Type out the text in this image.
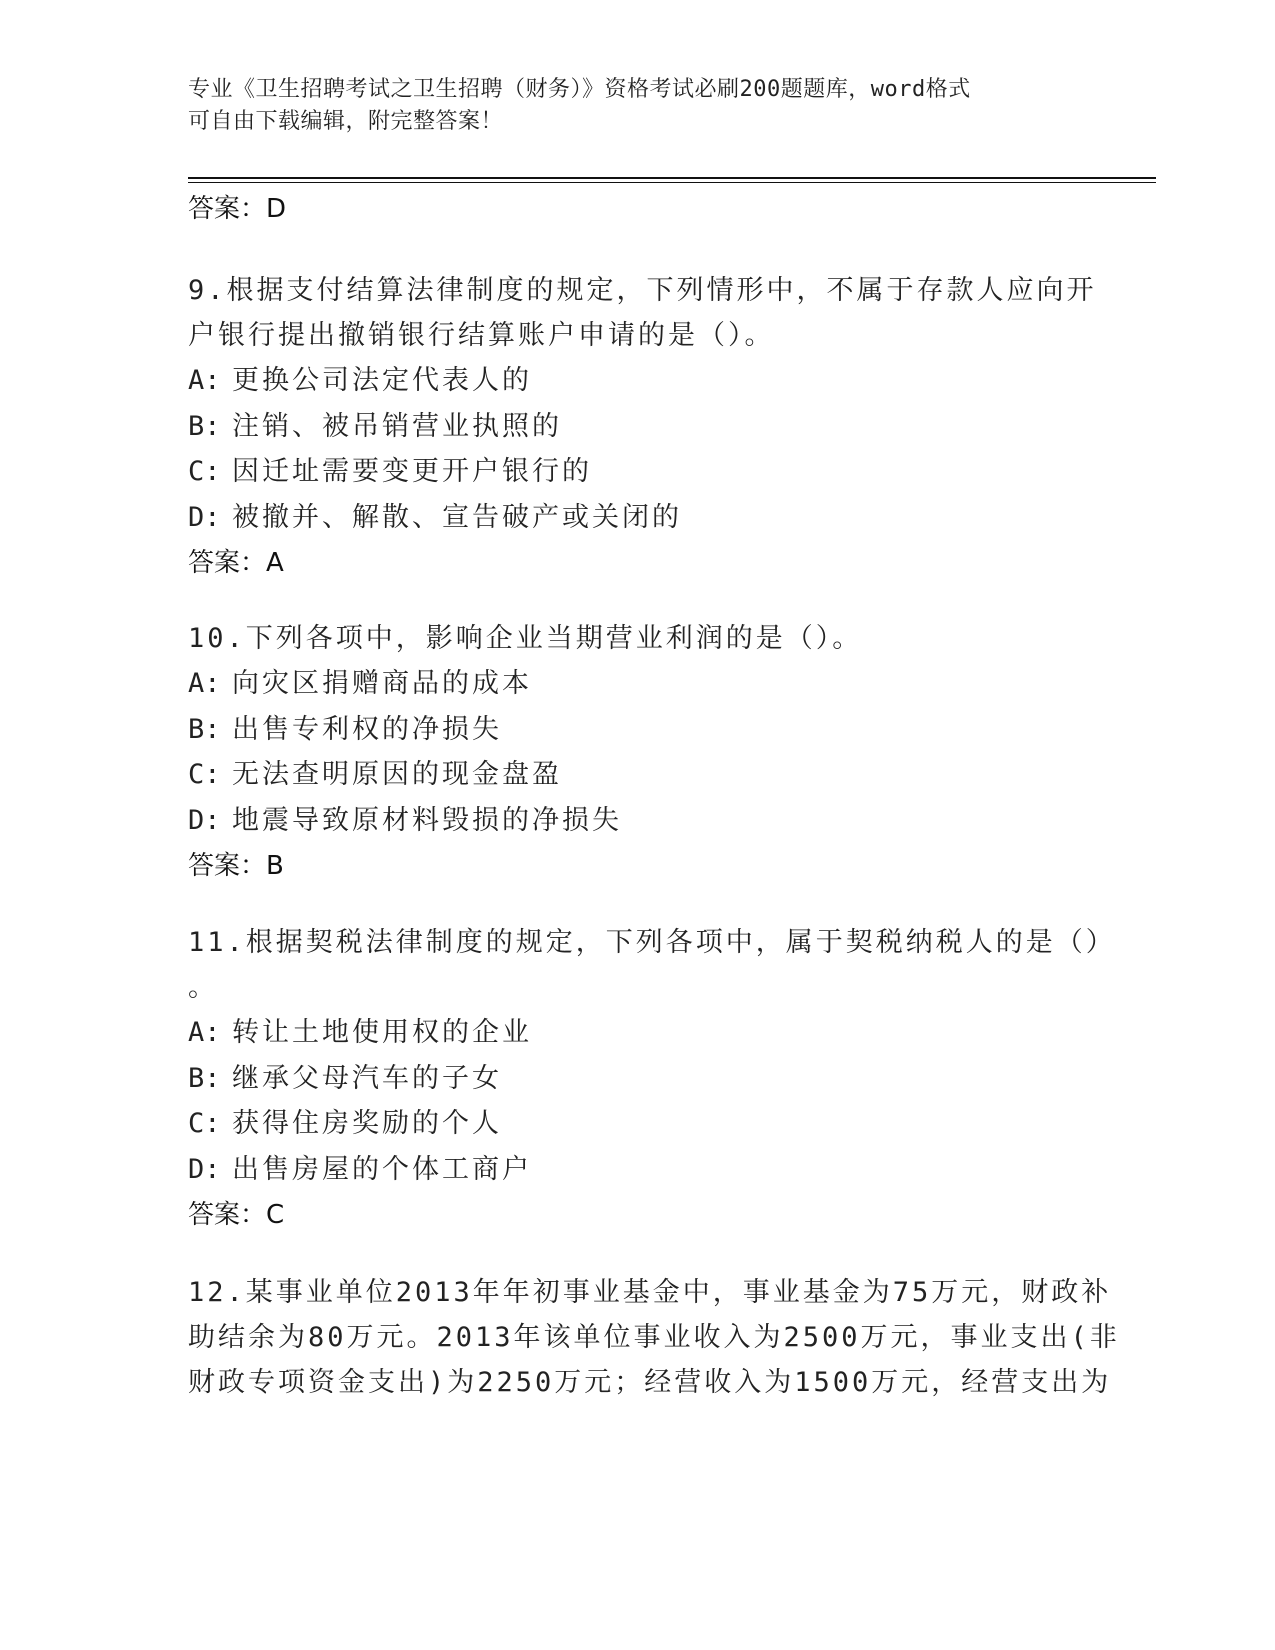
专业《卫生招聘考试之卫生招聘（财务）》资格考试必刷200题题库，word格式
可自由下载编辑，附完整答案！
答案：D
9.根据支付结算法律制度的规定，下列情形中，不属于存款人应向开
户银行提出撤销银行结算账户申请的是（）。
A: 更换公司法定代表人的
B: 注销、被吊销营业执照的
C: 因迁址需要变更开户银行的
D: 被撤并、解散、宣告破产或关闭的
答案：A
10.下列各项中，影响企业当期营业利润的是（）。
A: 向灾区捐赠商品的成本
B: 出售专利权的净损失
C: 无法查明原因的现金盘盈
D: 地震导致原材料毁损的净损失
答案：B
11.根据契税法律制度的规定，下列各项中，属于契税纳税人的是（）
。
A: 转让土地使用权的企业
B: 继承父母汽车的子女
C: 获得住房奖励的个人
D: 出售房屋的个体工商户
答案：C
12.某事业单位2013年年初事业基金中，事业基金为75万元，财政补
助结余为80万元。2013年该单位事业收入为2500万元，事业支出(非
财政专项资金支出)为2250万元；经营收入为1500万元，经营支出为
